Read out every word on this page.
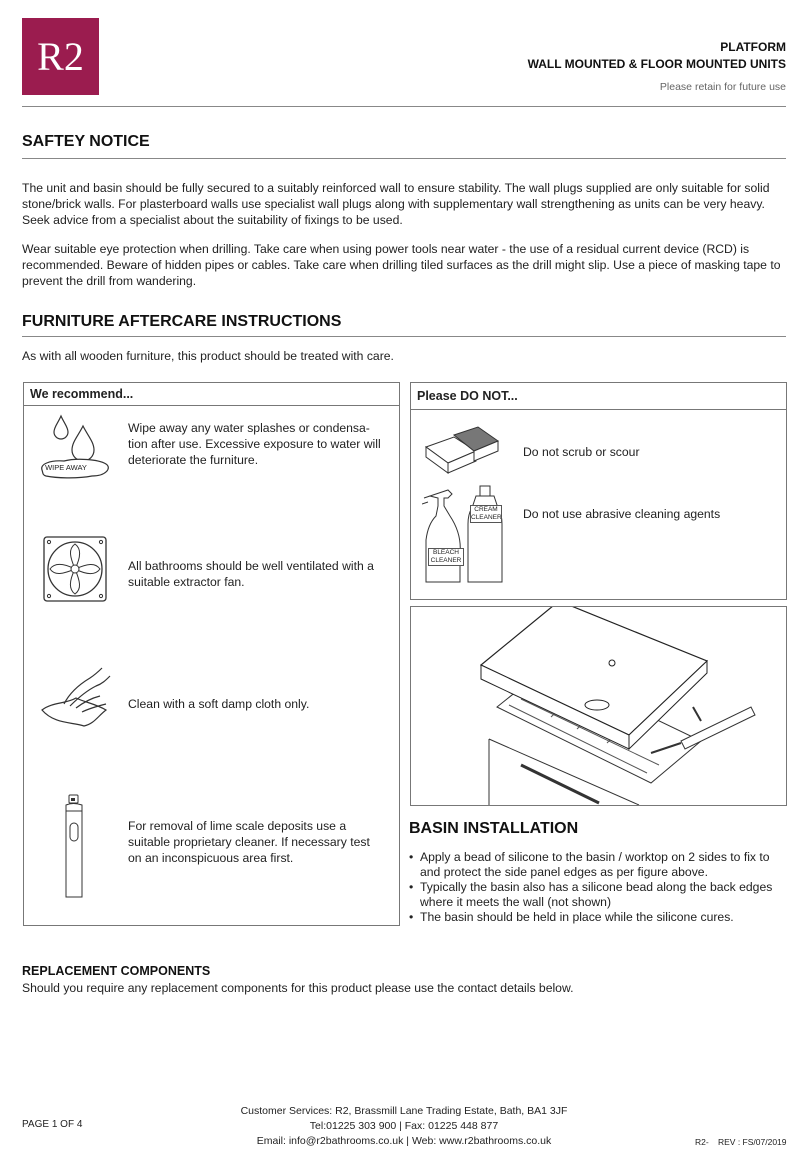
R2	PLATFORM
WALL MOUNTED & FLOOR MOUNTED UNITS
Please retain for future use
SAFTEY NOTICE
The unit and basin should be fully secured to a suitably reinforced wall to ensure stability. The wall plugs supplied are only suitable for solid stone/brick walls. For plasterboard walls use specialist wall plugs along with supplementary wall strengthening as units can be very heavy. Seek advice from a specialist about the suitability of fixings to be used.
Wear suitable eye protection when drilling. Take care when using power tools near water - the use of a residual current device (RCD) is recommended. Beware of hidden pipes or cables. Take care when drilling tiled surfaces as the drill might slip. Use a piece of masking tape to prevent the drill from wandering.
FURNITURE AFTERCARE INSTRUCTIONS
As with all wooden furniture, this product should be treated with care.
We recommend...
WIPE AWAY
Wipe away any water splashes or condensa-tion after use. Excessive exposure to water will deteriorate the furniture.
All bathrooms should be well ventilated with a suitable extractor fan.
Clean with a soft damp cloth only.
For removal of lime scale deposits use a suitable proprietary cleaner. If necessary test on an inconspicuous area first.
Please DO NOT...
Do not scrub or scour
CREAM CLEANER
BLEACH CLEANER
Do not use abrasive cleaning agents
BASIN INSTALLATION
• Apply a bead of silicone to the basin / worktop on 2 sides to fix to and protect the side panel edges as per figure above.
• Typically the basin also has a silicone bead along the back edges where it meets the wall (not shown)
• The basin should be held in place while the silicone cures.
REPLACEMENT COMPONENTS
Should you require any replacement components for this product please use the contact details below.
PAGE 1 OF 4
Customer Services: R2, Brassmill Lane Trading Estate, Bath, BA1 3JF
Tel:01225 303 900 | Fax: 01225 448 877
Email: info@r2bathrooms.co.uk | Web: www.r2bathrooms.co.uk	R2- REV : FS/07/2019
